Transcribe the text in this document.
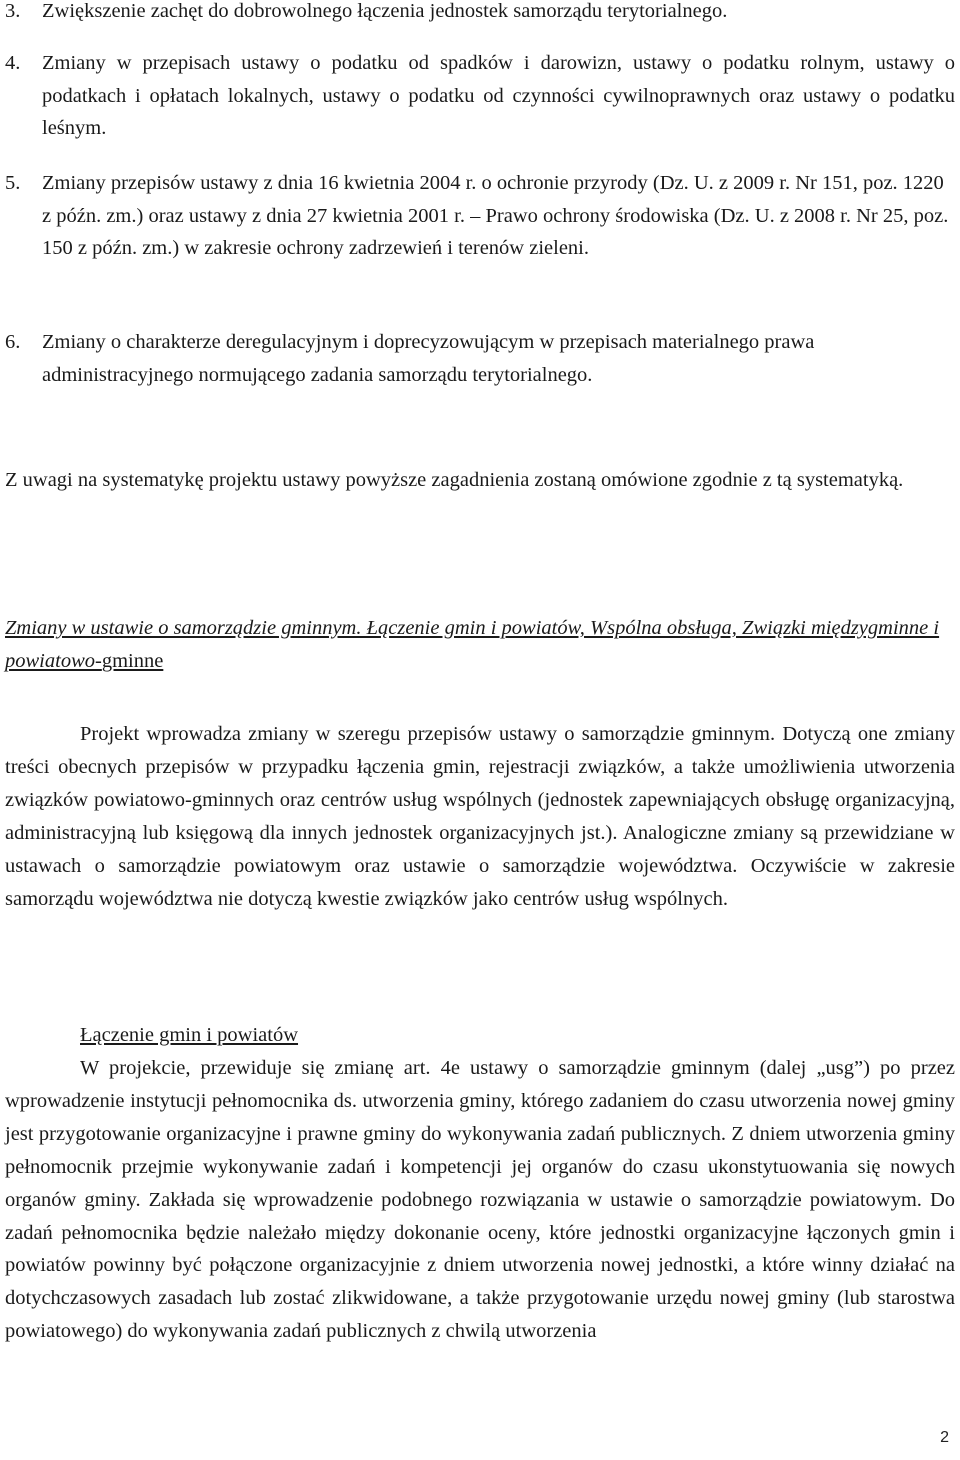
3. Zwiększenie zachęt do dobrowolnego łączenia jednostek samorządu terytorialnego.
4. Zmiany w przepisach ustawy o podatku od spadków i darowizn, ustawy o podatku rolnym, ustawy o podatkach i opłatach lokalnych, ustawy o podatku od czynności cywilnoprawnych oraz ustawy o podatku leśnym.
5. Zmiany przepisów ustawy z dnia 16 kwietnia 2004 r. o ochronie przyrody (Dz. U. z 2009 r. Nr 151, poz. 1220 z późn. zm.) oraz ustawy z dnia 27 kwietnia 2001 r. – Prawo ochrony środowiska (Dz. U. z 2008 r. Nr 25, poz. 150 z późn. zm.) w zakresie ochrony zadrzewień i terenów zieleni.
6. Zmiany o charakterze deregulacyjnym i doprecyzowującym w przepisach materialnego prawa administracyjnego normującego zadania samorządu terytorialnego.
Z uwagi na systematykę projektu ustawy powyższe zagadnienia zostaną omówione zgodnie z tą systematyką.
Zmiany w ustawie o samorządzie gminnym. Łączenie gmin i powiatów, Wspólna obsługa, Związki międzygminne i powiatowo-gminne
Projekt wprowadza zmiany w szeregu przepisów ustawy o samorządzie gminnym. Dotyczą one zmiany treści obecnych przepisów w przypadku łączenia gmin, rejestracji związków, a także umożliwienia utworzenia związków powiatowo-gminnych oraz centrów usług wspólnych (jednostek zapewniających obsługę organizacyjną, administracyjną lub księgową dla innych jednostek organizacyjnych jst.). Analogiczne zmiany są przewidziane w ustawach o samorządzie powiatowym oraz ustawie o samorządzie województwa. Oczywiście w zakresie samorządu województwa nie dotyczą kwestie związków jako centrów usług wspólnych.
Łączenie gmin i powiatów
W projekcie, przewiduje się zmianę art. 4e ustawy o samorządzie gminnym (dalej „usg”) po przez wprowadzenie instytucji pełnomocnika ds. utworzenia gminy, którego zadaniem do czasu utworzenia nowej gminy jest przygotowanie organizacyjne i prawne gminy do wykonywania zadań publicznych. Z dniem utworzenia gminy pełnomocnik przejmie wykonywanie zadań i kompetencji jej organów do czasu ukonstytuowania się nowych organów gminy. Zakłada się wprowadzenie podobnego rozwiązania w ustawie o samorządzie powiatowym. Do zadań pełnomocnika będzie należało między dokonanie oceny, które jednostki organizacyjne łączonych gmin i powiatów powinny być połączone organizacyjnie z dniem utworzenia nowej jednostki, a które winny działać na dotychczasowych zasadach lub zostać zlikwidowane, a także przygotowanie urzędu nowej gminy (lub starostwa powiatowego) do wykonywania zadań publicznych z chwilą utworzenia
2
